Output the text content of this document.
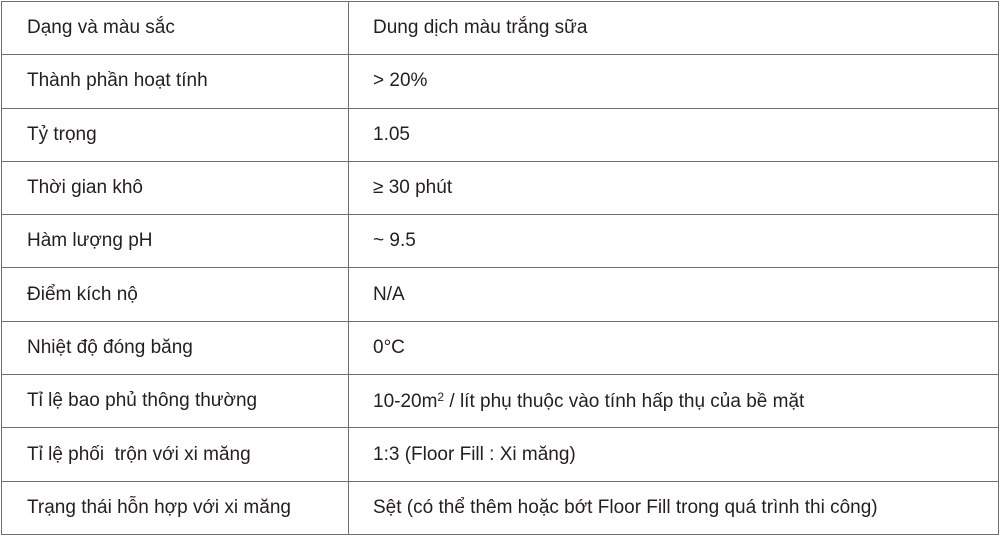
Dạng và màu sắc	Dung dịch màu trắng sữa
Thành phần hoạt tính	> 20%
Tỷ trọng	1.05
Thời gian khô	≥ 30 phút
Hàm lượng pH	~ 9.5
Điểm kích nộ	N/A
Nhiệt độ đóng băng	0°C
Tỉ lệ bao phủ thông thường	$10-20m^2$ / lít phụ thuộc vào tính hấp thụ của bề mặt
Tỉ lệ phối  trộn với xi măng	1:3 (Floor Fill : Xi măng)
Trạng thái hỗn hợp với xi măng	Sệt (có thể thêm hoặc bớt Floor Fill trong quá trình thi công)
